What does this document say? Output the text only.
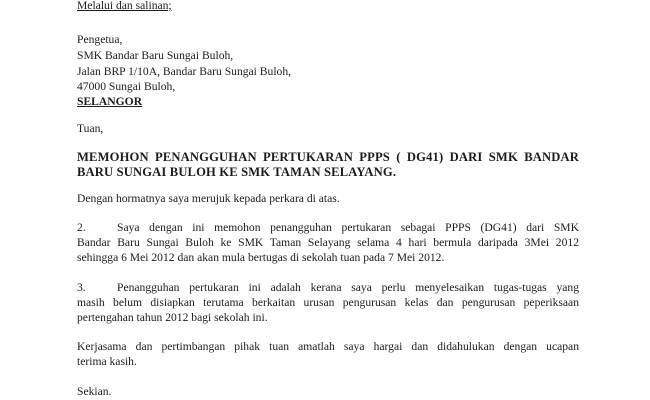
Melalui dan salinan;

Pengetua,

SMK Bandar Baru Sungai Buloh,

Jalan BRP 1/10A, Bandar Baru Sungai Buloh,

47000 Sungai Buloh,

SELANGOR

Tuan,

MEMOHON PENANGGUHAN PERTUKARAN PPPS ( DG41) DARI SMK BANDAR

BARU SUNGAI BULOH KE SMK TAMAN SELAYANG.

Dengan hormatnya saya merujuk kepada perkara di atas.

2.	Saya dengan ini memohon penangguhan pertukaran sebagai PPPS (DG41) dari SMK

Bandar Baru Sungai Buloh ke SMK Taman Selayang selama 4 hari bermula daripada 3Mei 2012

sehingga 6 Mei 2012 dan akan mula bertugas di sekolah tuan pada 7 Mei 2012.

3.	Penangguhan pertukaran ini adalah kerana saya perlu menyelesaikan tugas-tugas yang

masih belum disiapkan terutama berkaitan urusan pengurusan kelas dan pengurusan peperiksaan

pertengahan tahun 2012 bagi sekolah ini.

Kerjasama dan pertimbangan pihak tuan amatlah saya hargai dan didahulukan dengan ucapan

terima kasih.

Sekian.
